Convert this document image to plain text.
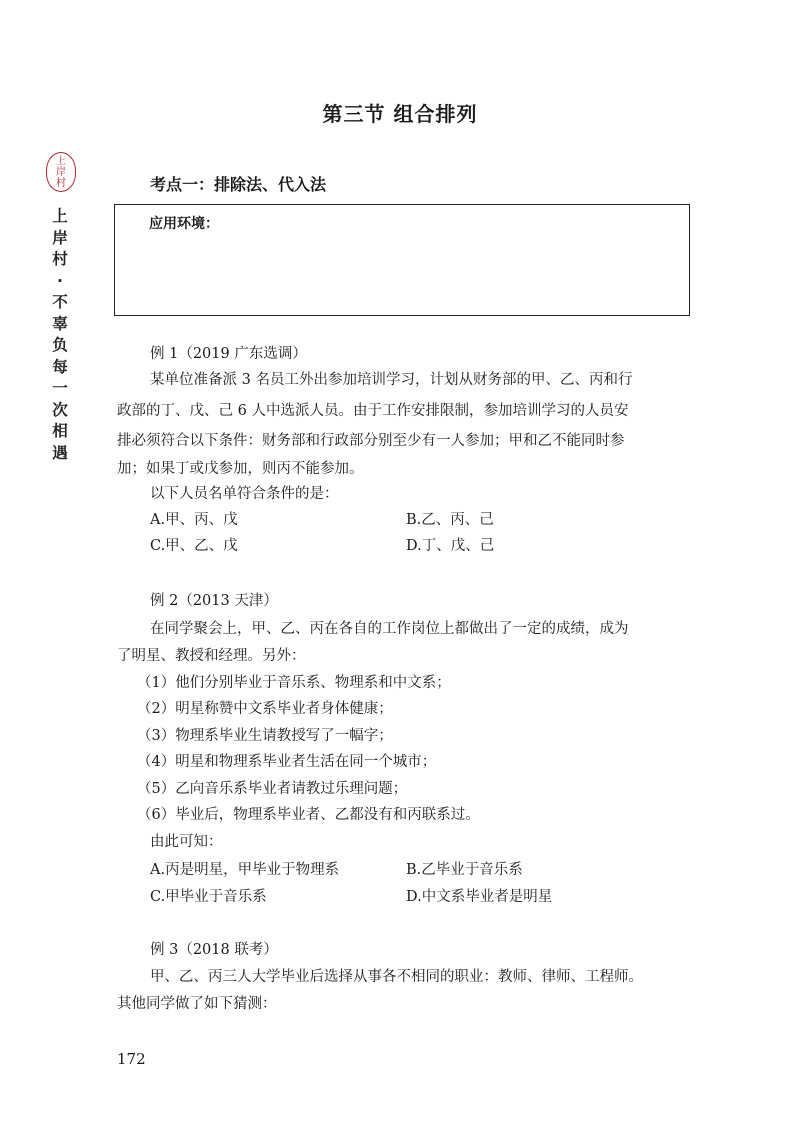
上
岸
村
上岸村 · 不辜负每一次相遇
第三节 组合排列
考点一：排除法、代入法
应用环境：
例 1（2019 广东选调）
某单位准备派 3 名员工外出参加培训学习，计划从财务部的甲、乙、丙和行
政部的丁、戊、己 6 人中选派人员。由于工作安排限制，参加培训学习的人员安
排必须符合以下条件：财务部和行政部分别至少有一人参加；甲和乙不能同时参
加；如果丁或戊参加，则丙不能参加。
以下人员名单符合条件的是：
A.甲、丙、戊	B.乙、丙、己
C.甲、乙、戊	D.丁、戊、己
例 2（2013 天津）
在同学聚会上，甲、乙、丙在各自的工作岗位上都做出了一定的成绩，成为
了明星、教授和经理。另外：
（1）他们分别毕业于音乐系、物理系和中文系；
（2）明星称赞中文系毕业者身体健康；
（3）物理系毕业生请教授写了一幅字；
（4）明星和物理系毕业者生活在同一个城市；
（5）乙向音乐系毕业者请教过乐理问题；
（6）毕业后，物理系毕业者、乙都没有和丙联系过。
由此可知：
A.丙是明星，甲毕业于物理系	B.乙毕业于音乐系
C.甲毕业于音乐系	D.中文系毕业者是明星
例 3（2018 联考）
甲、乙、丙三人大学毕业后选择从事各不相同的职业：教师、律师、工程师。
其他同学做了如下猜测：
172
